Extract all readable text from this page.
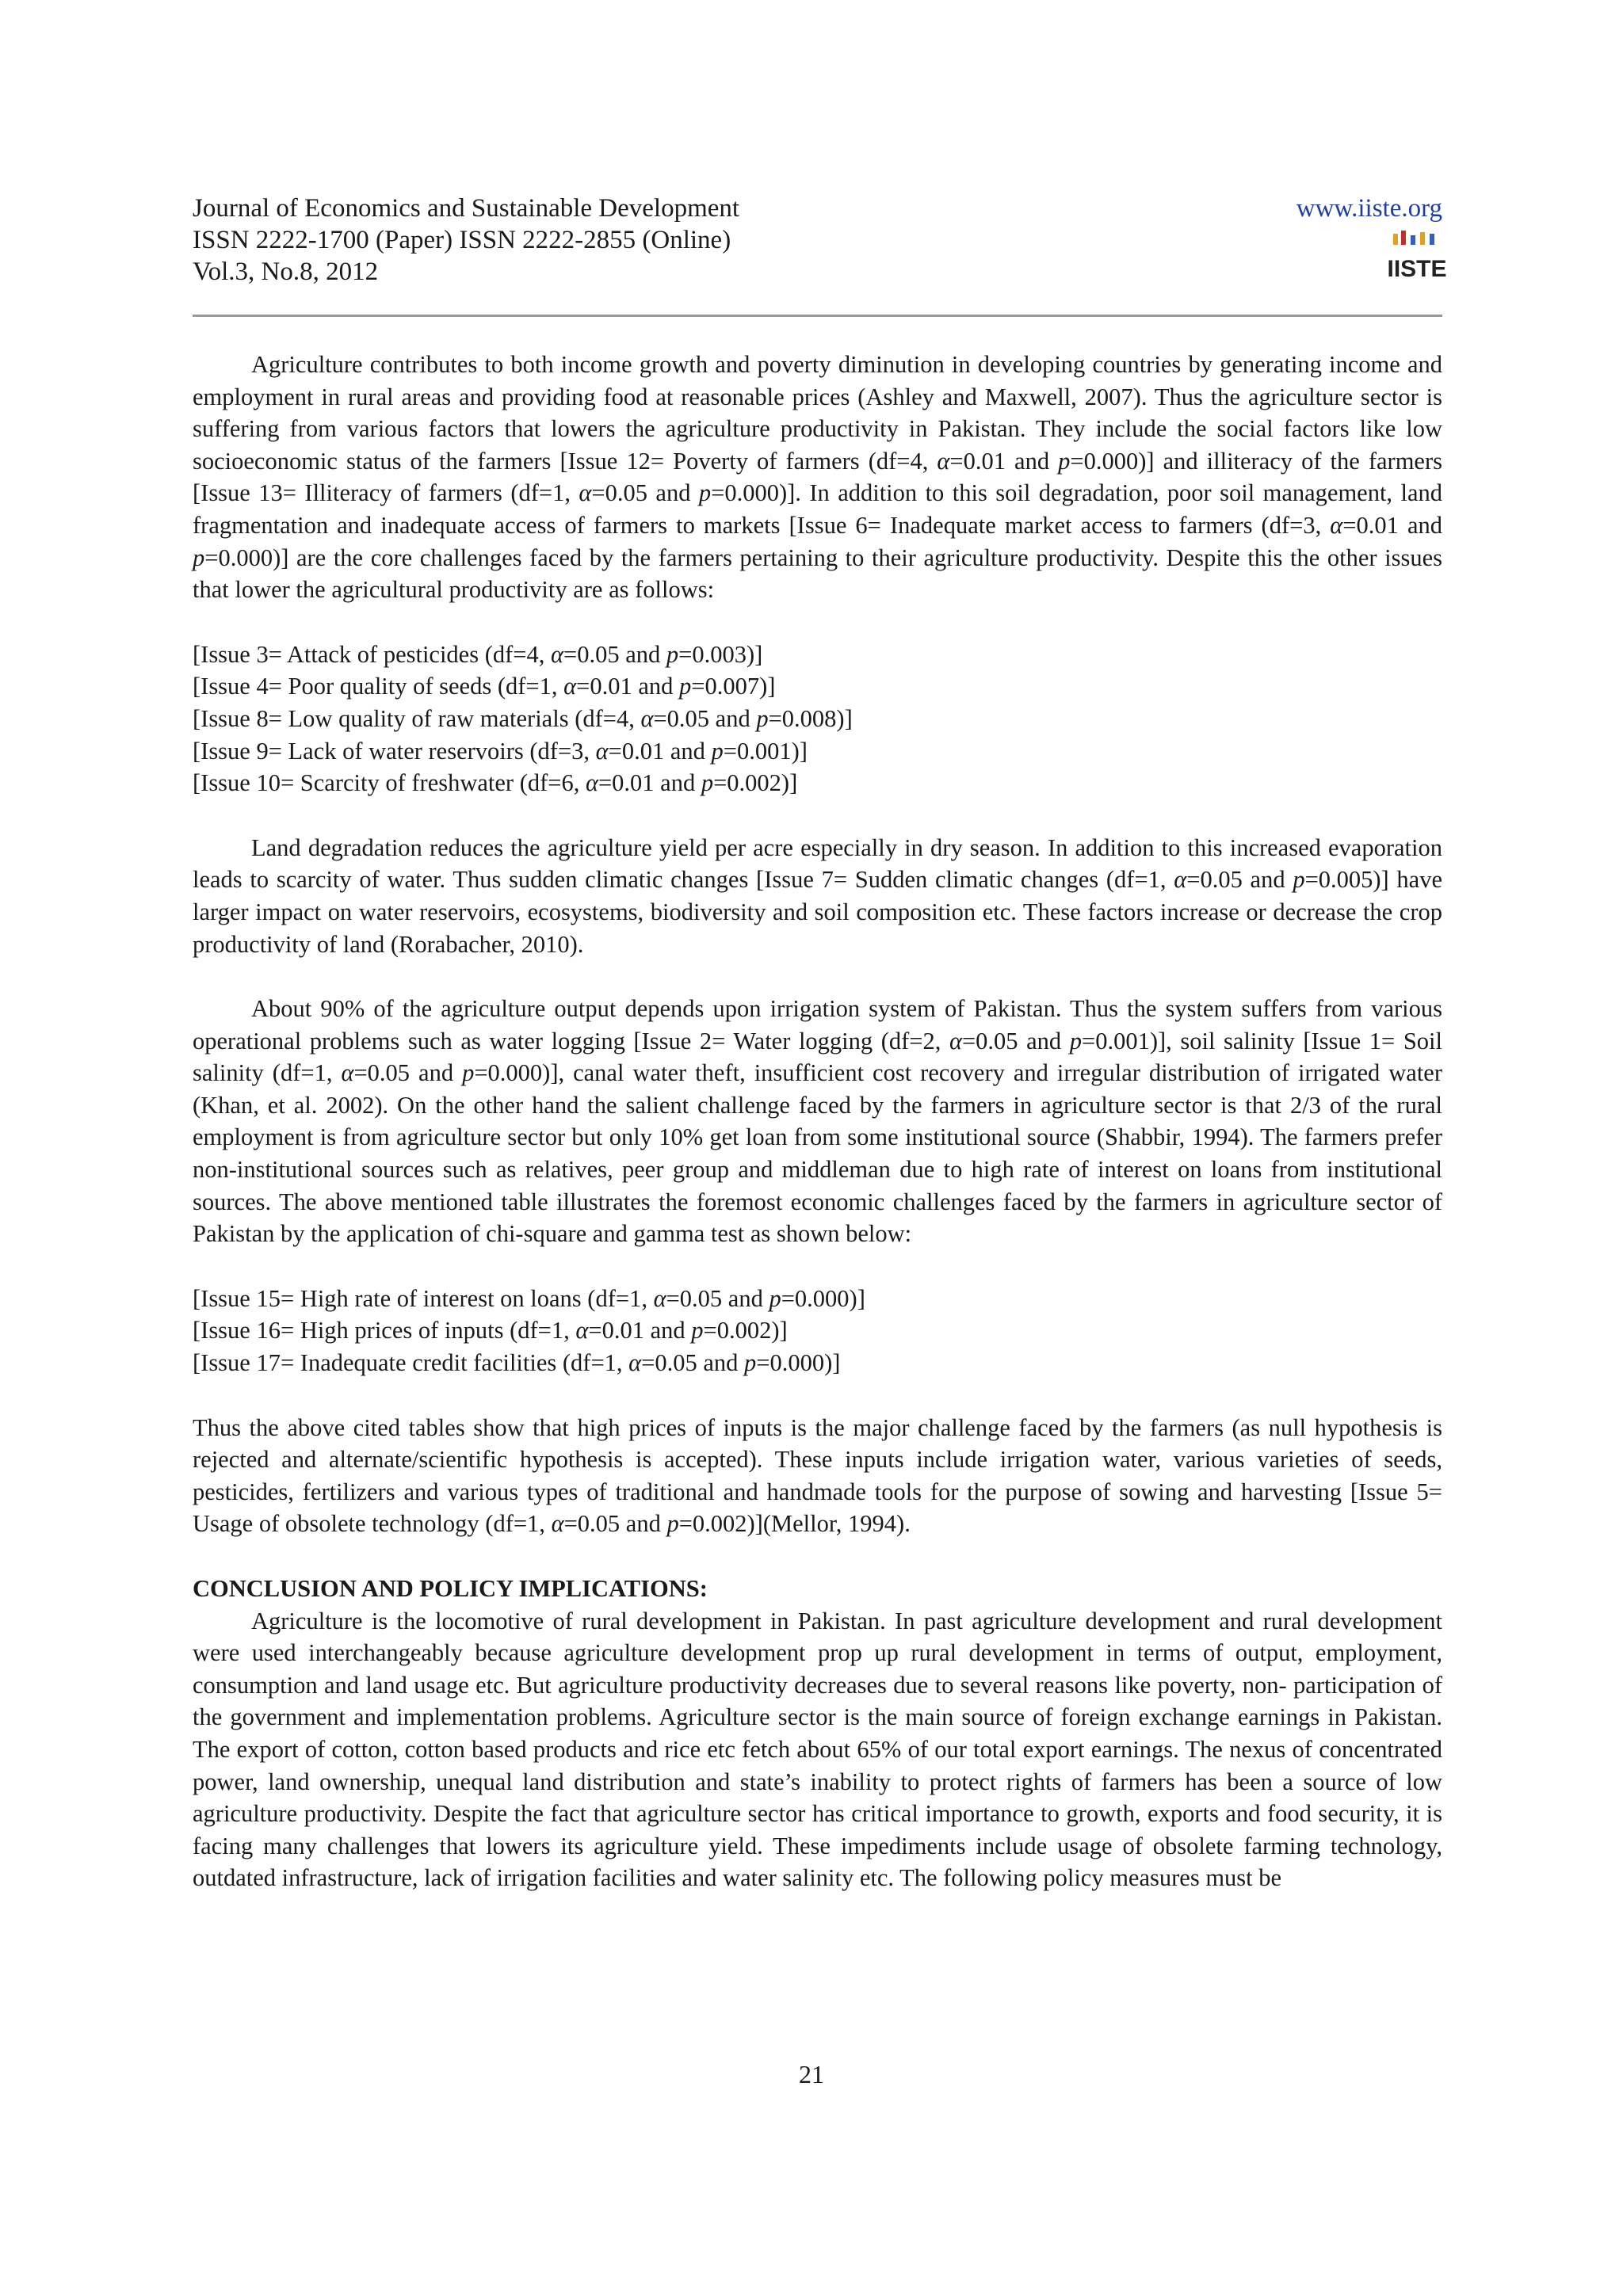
Journal of Economics and Sustainable Development

ISSN 2222-1700 (Paper) ISSN 2222-2855 (Online)

Vol.3, No.8, 2012

www.iiste.org
IISTE

Agriculture contributes to both income growth and poverty diminution in developing countries by generating income and employment in rural areas and providing food at reasonable prices (Ashley and Maxwell, 2007). Thus the agriculture sector is suffering from various factors that lowers the agriculture productivity in Pakistan. They include the social factors like low socioeconomic status of the farmers [Issue 12= Poverty of farmers (df=4, α=0.01 and p=0.000)] and illiteracy of the farmers [Issue 13= Illiteracy of farmers (df=1, α=0.05 and p=0.000)]. In addition to this soil degradation, poor soil management, land fragmentation and inadequate access of farmers to markets [Issue 6= Inadequate market access to farmers (df=3, α=0.01 and p=0.000)] are the core challenges faced by the farmers pertaining to their agriculture productivity. Despite this the other issues that lower the agricultural productivity are as follows:

[Issue 3= Attack of pesticides (df=4, α=0.05 and p=0.003)]
[Issue 4= Poor quality of seeds (df=1, α=0.01 and p=0.007)]
[Issue 8= Low quality of raw materials (df=4, α=0.05 and p=0.008)]
[Issue 9= Lack of water reservoirs (df=3, α=0.01 and p=0.001)]
[Issue 10= Scarcity of freshwater (df=6, α=0.01 and p=0.002)]

Land degradation reduces the agriculture yield per acre especially in dry season. In addition to this increased evaporation leads to scarcity of water. Thus sudden climatic changes [Issue 7= Sudden climatic changes (df=1, α=0.05 and p=0.005)] have larger impact on water reservoirs, ecosystems, biodiversity and soil composition etc. These factors increase or decrease the crop productivity of land (Rorabacher, 2010).

About 90% of the agriculture output depends upon irrigation system of Pakistan. Thus the system suffers from various operational problems such as water logging [Issue 2= Water logging (df=2, α=0.05 and p=0.001)], soil salinity [Issue 1= Soil salinity (df=1, α=0.05 and p=0.000)], canal water theft, insufficient cost recovery and irregular distribution of irrigated water (Khan, et al. 2002). On the other hand the salient challenge faced by the farmers in agriculture sector is that 2/3 of the rural employment is from agriculture sector but only 10% get loan from some institutional source (Shabbir, 1994). The farmers prefer non-institutional sources such as relatives, peer group and middleman due to high rate of interest on loans from institutional sources. The above mentioned table illustrates the foremost economic challenges faced by the farmers in agriculture sector of Pakistan by the application of chi-square and gamma test as shown below:

[Issue 15= High rate of interest on loans (df=1, α=0.05 and p=0.000)]
[Issue 16= High prices of inputs (df=1, α=0.01 and p=0.002)]
[Issue 17= Inadequate credit facilities (df=1, α=0.05 and p=0.000)]

Thus the above cited tables show that high prices of inputs is the major challenge faced by the farmers (as null hypothesis is rejected and alternate/scientific hypothesis is accepted). These inputs include irrigation water, various varieties of seeds, pesticides, fertilizers and various types of traditional and handmade tools for the purpose of sowing and harvesting [Issue 5= Usage of obsolete technology (df=1, α=0.05 and p=0.002)](Mellor, 1994).

CONCLUSION AND POLICY IMPLICATIONS:

Agriculture is the locomotive of rural development in Pakistan. In past agriculture development and rural development were used interchangeably because agriculture development prop up rural development in terms of output, employment, consumption and land usage etc. But agriculture productivity decreases due to several reasons like poverty, non- participation of the government and implementation problems. Agriculture sector is the main source of foreign exchange earnings in Pakistan. The export of cotton, cotton based products and rice etc fetch about 65% of our total export earnings. The nexus of concentrated power, land ownership, unequal land distribution and state’s inability to protect rights of farmers has been a source of low agriculture productivity. Despite the fact that agriculture sector has critical importance to growth, exports and food security, it is facing many challenges that lowers its agriculture yield. These impediments include usage of obsolete farming technology, outdated infrastructure, lack of irrigation facilities and water salinity etc. The following policy measures must be

21
